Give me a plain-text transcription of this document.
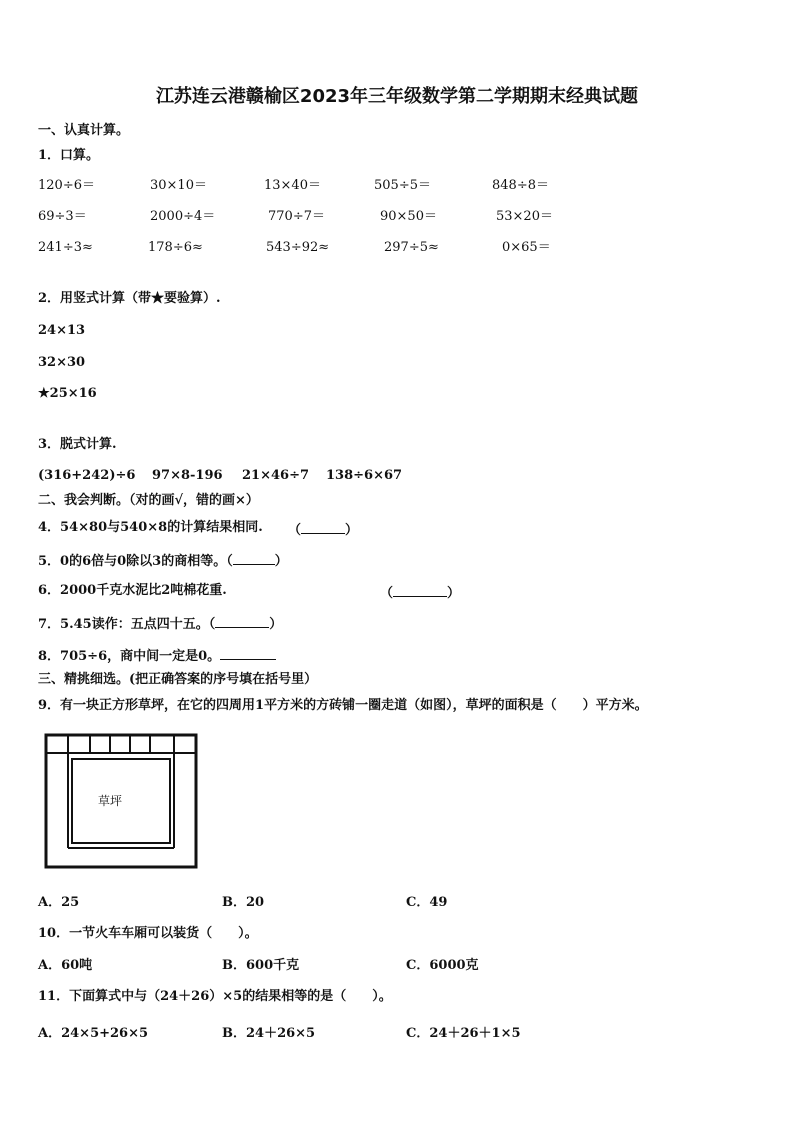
江苏连云港赣榆区2023年三年级数学第二学期期末经典试题
一、认真计算。
1．口算。
120÷6＝	30×10＝	13×40＝	505÷5＝	848÷8＝
69÷3＝	2000÷4＝	770÷7＝	90×50＝	53×20＝
241÷3≈	178÷6≈	543÷92≈	297÷5≈	0×65＝
2．用竖式计算（带★要验算）.
24×13
32×30
★25×16
3．脱式计算.
(316+242)÷6 97×8-196 21×46÷7 138÷6×67
二、我会判断。（对的画√，错的画×）
4．54×80与540×8的计算结果相同. （	）
5．0的6倍与0除以3的商相等。（	）
6．2000千克水泥比2吨棉花重.	（	）
7．5.45读作：五点四十五。（	）
8．705÷6，商中间一定是0。
三、精挑细选。(把正确答案的序号填在括号里）
9．有一块正方形草坪，在它的四周用1平方米的方砖铺一圈走道（如图），草坪的面积是（　　）平方米。
草坪
A．25	B．20	C．49
10．一节火车车厢可以装货（　　）。
A．60吨	B．600千克	C．6000克
11．下面算式中与（24＋26）×5的结果相等的是（　　）。
A．24×5+26×5	B．24＋26×5	C．24＋26＋1×5
